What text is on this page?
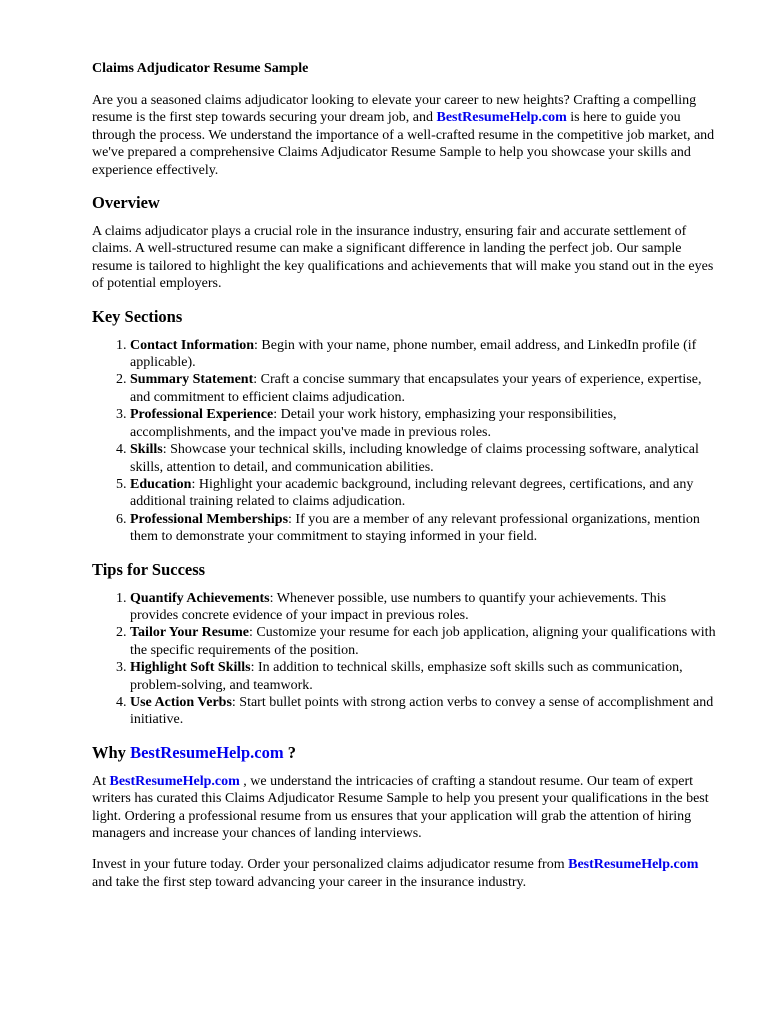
Claims Adjudicator Resume Sample

Are you a seasoned claims adjudicator looking to elevate your career to new heights? Crafting a compelling resume is the first step towards securing your dream job, and BestResumeHelp.com is here to guide you through the process. We understand the importance of a well-crafted resume in the competitive job market, and we've prepared a comprehensive Claims Adjudicator Resume Sample to help you showcase your skills and experience effectively.

Overview

A claims adjudicator plays a crucial role in the insurance industry, ensuring fair and accurate settlement of claims. A well-structured resume can make a significant difference in landing the perfect job. Our sample resume is tailored to highlight the key qualifications and achievements that will make you stand out in the eyes of potential employers.

Key Sections
1. Contact Information: Begin with your name, phone number, email address, and LinkedIn profile (if applicable).
2. Summary Statement: Craft a concise summary that encapsulates your years of experience, expertise, and commitment to efficient claims adjudication.
3. Professional Experience: Detail your work history, emphasizing your responsibilities, accomplishments, and the impact you've made in previous roles.
4. Skills: Showcase your technical skills, including knowledge of claims processing software, analytical skills, attention to detail, and communication abilities.
5. Education: Highlight your academic background, including relevant degrees, certifications, and any additional training related to claims adjudication.
6. Professional Memberships: If you are a member of any relevant professional organizations, mention them to demonstrate your commitment to staying informed in your field.
Tips for Success
1. Quantify Achievements: Whenever possible, use numbers to quantify your achievements. This provides concrete evidence of your impact in previous roles.
2. Tailor Your Resume: Customize your resume for each job application, aligning your qualifications with the specific requirements of the position.
3. Highlight Soft Skills: In addition to technical skills, emphasize soft skills such as communication, problem-solving, and teamwork.
4. Use Action Verbs: Start bullet points with strong action verbs to convey a sense of accomplishment and initiative.
Why BestResumeHelp.com ?

At BestResumeHelp.com , we understand the intricacies of crafting a standout resume. Our team of expert writers has curated this Claims Adjudicator Resume Sample to help you present your qualifications in the best light. Ordering a professional resume from us ensures that your application will grab the attention of hiring managers and increase your chances of landing interviews.

Invest in your future today. Order your personalized claims adjudicator resume from BestResumeHelp.com and take the first step toward advancing your career in the insurance industry.
